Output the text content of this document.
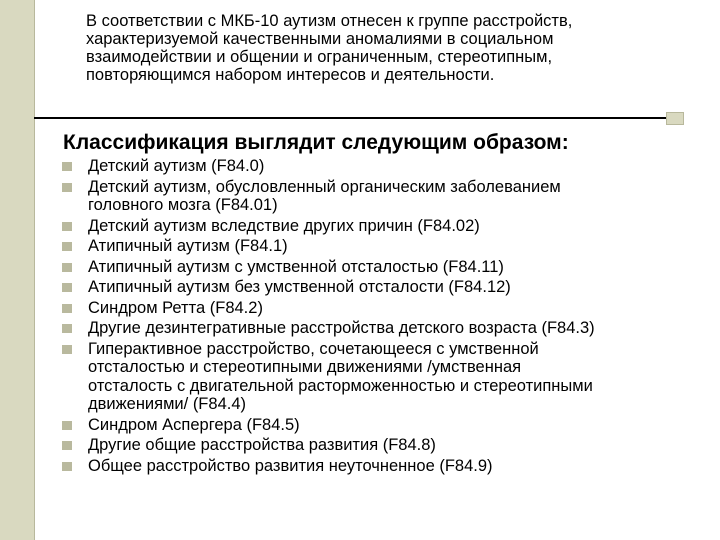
В соответствии с МКБ-10 аутизм отнесен к группе расстройств,
характеризуемой качественными аномалиями в социальном
взаимодействии и общении и ограниченным, стереотипным,
повторяющимся набором интересов и деятельности.

Классификация выглядит следующим образом:
Детский аутизм (F84.0)
Детский аутизм, обусловленный органическим заболеванием
головного мозга (F84.01)
Детский аутизм вследствие других причин (F84.02)
Атипичный аутизм (F84.1)
Атипичный аутизм с умственной отсталостью (F84.11)
Атипичный аутизм без умственной отсталости (F84.12)
Синдром Ретта (F84.2)
Другие дезинтегративные расстройства детского возраста (F84.3)
Гиперактивное расстройство, сочетающееся с умственной
отсталостью и стереотипными движениями /умственная
отсталость с двигательной расторможенностью и стереотипными
движениями/ (F84.4)
Синдром Аспергера (F84.5)
Другие общие расстройства развития (F84.8)
Общее расстройство развития неуточненное (F84.9)
